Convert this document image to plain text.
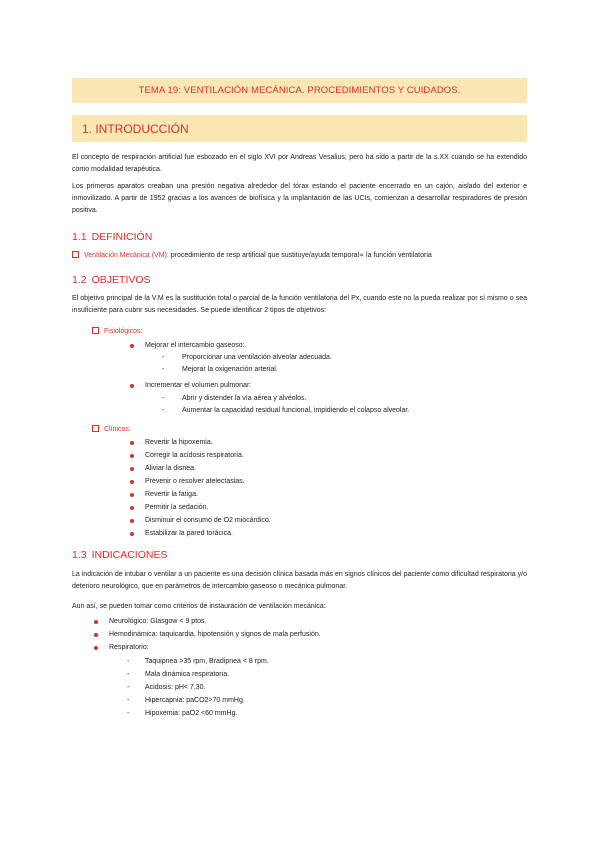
TEMA 19: VENTILACIÓN MECÁNICA. PROCEDIMIENTOS Y CUIDADOS.
1. INTRODUCCIÓN

El concepto de respiración artificial fue esbozado en el siglo XVI por Andreas Vesalius, pero ha sido a partir de la s.XX cuando se ha extendido como modalidad terapéutica.

Los primeros aparatos creaban una presión negativa alrededor del tórax estando el paciente encerrado en un cajón, aislado del exterior e inmovilizado. A partir de 1952 gracias a los avances de biofísica y la implantación de las UCIs, comienzan a desarrollar respiradores de presión positiva.

1.1 DEFINICIÓN
Ventilación Mecánica (VM): procedimiento de resp artificial que sustituye/ayuda temporal∝ la función ventilatoria
1.2 OBJETIVOS

El objetivo principal de la V.M es la sustitución total o parcial de la función ventilatoria del Px, cuando este no la pueda realizar por sí mismo o sea insuficiente para cubrir sus necesidades. Se puede identificar 2 tipos de objetivos:

Fisiológicos:
Mejorar el intercambio gaseoso:
-	Proporcionar una ventilación alveolar adecuada.
-	Mejorar la oxigenación arterial.
Incrementar el volumen pulmonar:
-	Abrir y distender la vía aérea y alvéolos.
-	Aumentar la capacidad residual funcional, impidiendo el colapso alveolar.
Clínicos:
Revertir la hipoxemia.
Corregir la acidosis respiratoria.
Aliviar la disnea.
Prevenir o resolver atelectasias.
Revertir la fatiga.
Permitir la sedación.
Disminuir el consumo de O2 miocárdico.
Estabilizar la pared torácica.
1.3 INDICACIONES

La indicación de intubar o ventilar a un paciente es una decisión clínica basada más en signos clínicos del paciente como dificultad respiratoria y/o deterioro neurológico, que en parámetros de intercambio gaseoso o mecánica pulmonar.

Aun así, se pueden tomar como criterios de instauración de ventilación mecánica:

Neurológico: Glasgow < 9 ptos.
Hemodinámica: taquicardia, hipotensión y signos de mala perfusión.
Respiratorio:
- Taquipnea >35 rpm, Bradipnea < 8 rpm.
- Mala dinámica respiratoria.
- Acidosis: pH< 7,30.
- Hipercapnia: paCO2>70 mmHg.
- Hipoxemia: paO2 <60 mmHg.
